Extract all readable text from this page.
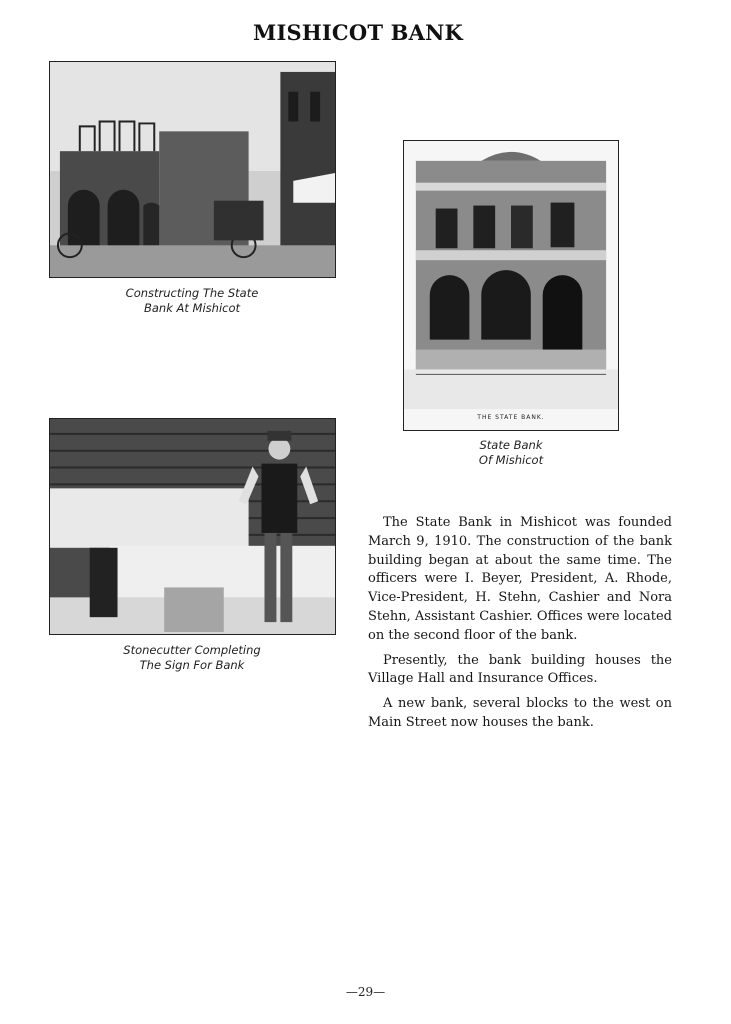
MISHICOT BANK
Constructing The State
Bank At Mishicot
THE STATE BANK.
State Bank
Of Mishicot
Stonecutter Completing
The Sign For Bank

The State Bank in Mishicot was founded March 9, 1910. The construction of the bank building began at about the same time. The officers were I. Beyer, President, A. Rhode, Vice-President, H. Stehn, Cashier and Nora Stehn, Assistant Cashier. Offices were located on the second floor of the bank.

Presently, the bank building houses the Village Hall and Insurance Offices.

A new bank, several blocks to the west on Main Street now houses the bank.

—29—
